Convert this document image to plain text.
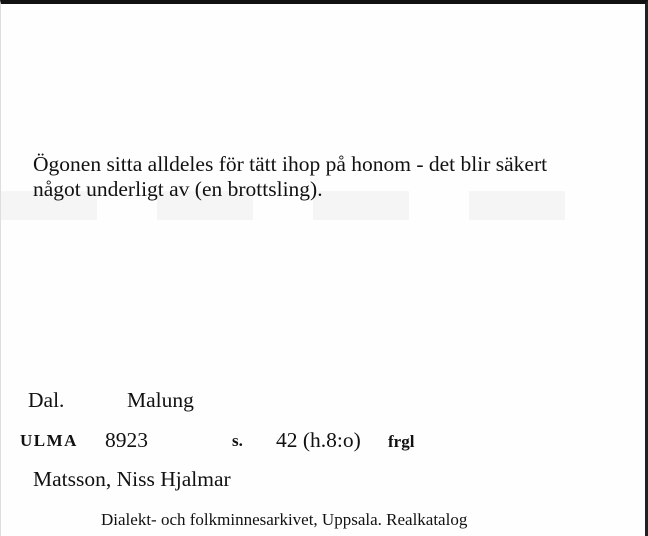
Ögonen sitta alldeles för tätt ihop på honom - det blir säkert
något underligt av (en brottsling).

Dal.	Malung
ULMA 8923	s. 42 (h.8:o) frgl
Matsson, Niss Hjalmar
Dialekt- och folkminnesarkivet, Uppsala. Realkatalog
